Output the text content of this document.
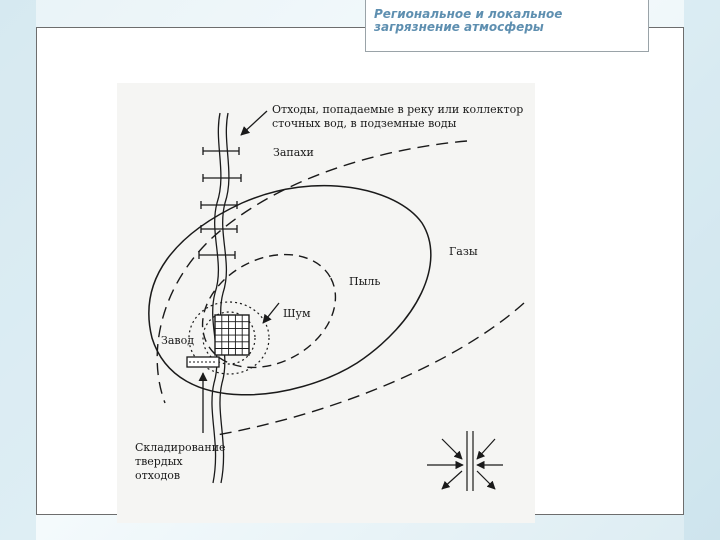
Отходы, попадаемые в реку или коллектор
сточных вод, в подземные воды
Запахи
Газы
Пыль
Шум
Завод
Складирование
твердых
отходов

Региональное и локальное

загрязнение атмосферы
